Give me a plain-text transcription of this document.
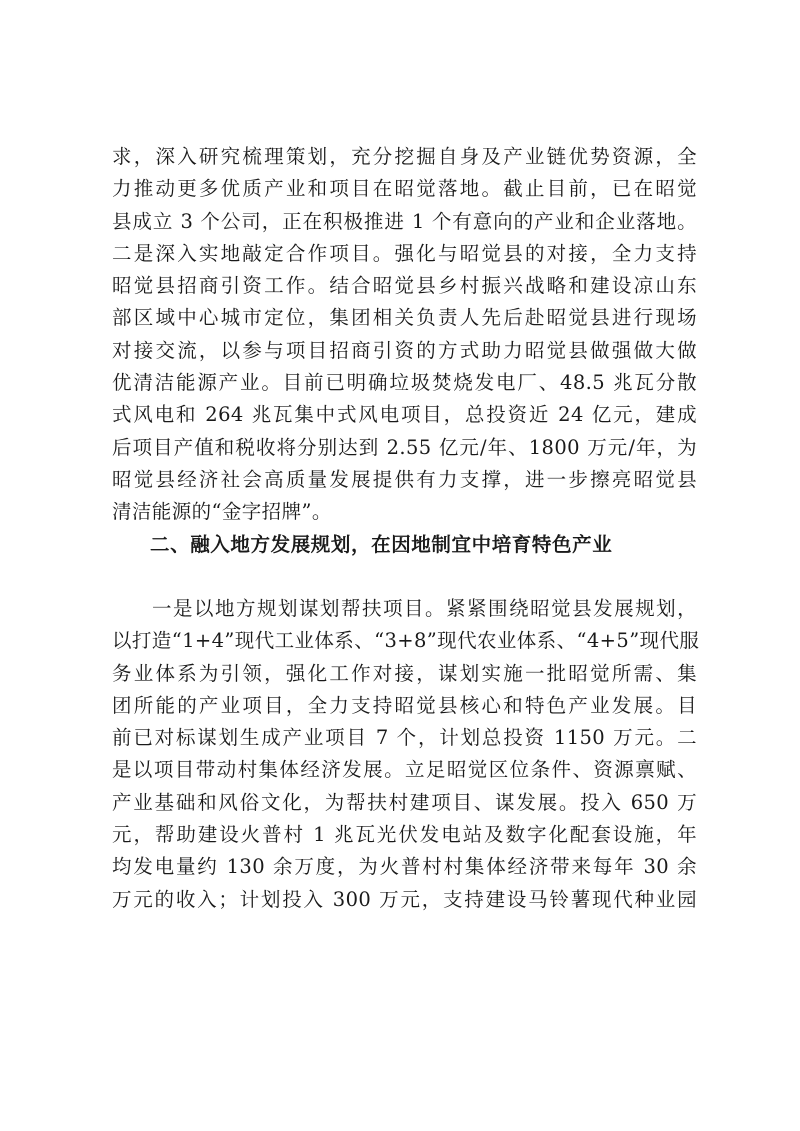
求，深入研究梳理策划，充分挖掘自身及产业链优势资源，全
力推动更多优质产业和项目在昭觉落地。截止目前，已在昭觉
县成立 3 个公司，正在积极推进 1 个有意向的产业和企业落地。
二是深入实地敲定合作项目。强化与昭觉县的对接，全力支持
昭觉县招商引资工作。结合昭觉县乡村振兴战略和建设凉山东
部区域中心城市定位，集团相关负责人先后赴昭觉县进行现场
对接交流，以参与项目招商引资的方式助力昭觉县做强做大做
优清洁能源产业。目前已明确垃圾焚烧发电厂、48.5 兆瓦分散
式风电和 264 兆瓦集中式风电项目，总投资近 24 亿元，建成
后项目产值和税收将分别达到 2.55 亿元/年、1800 万元/年，为
昭觉县经济社会高质量发展提供有力支撑，进一步擦亮昭觉县
清洁能源的“金字招牌”。
二、融入地方发展规划，在因地制宜中培育特色产业
一是以地方规划谋划帮扶项目。紧紧围绕昭觉县发展规划，
以打造“1+4”现代工业体系、“3+8”现代农业体系、“4+5”现代服
务业体系为引领，强化工作对接，谋划实施一批昭觉所需、集
团所能的产业项目，全力支持昭觉县核心和特色产业发展。目
前已对标谋划生成产业项目 7 个，计划总投资 1150 万元。二
是以项目带动村集体经济发展。立足昭觉区位条件、资源禀赋、
产业基础和风俗文化，为帮扶村建项目、谋发展。投入 650 万
元，帮助建设火普村 1 兆瓦光伏发电站及数字化配套设施，年
均发电量约 130 余万度，为火普村村集体经济带来每年 30 余
万元的收入；计划投入 300 万元，支持建设马铃薯现代种业园
